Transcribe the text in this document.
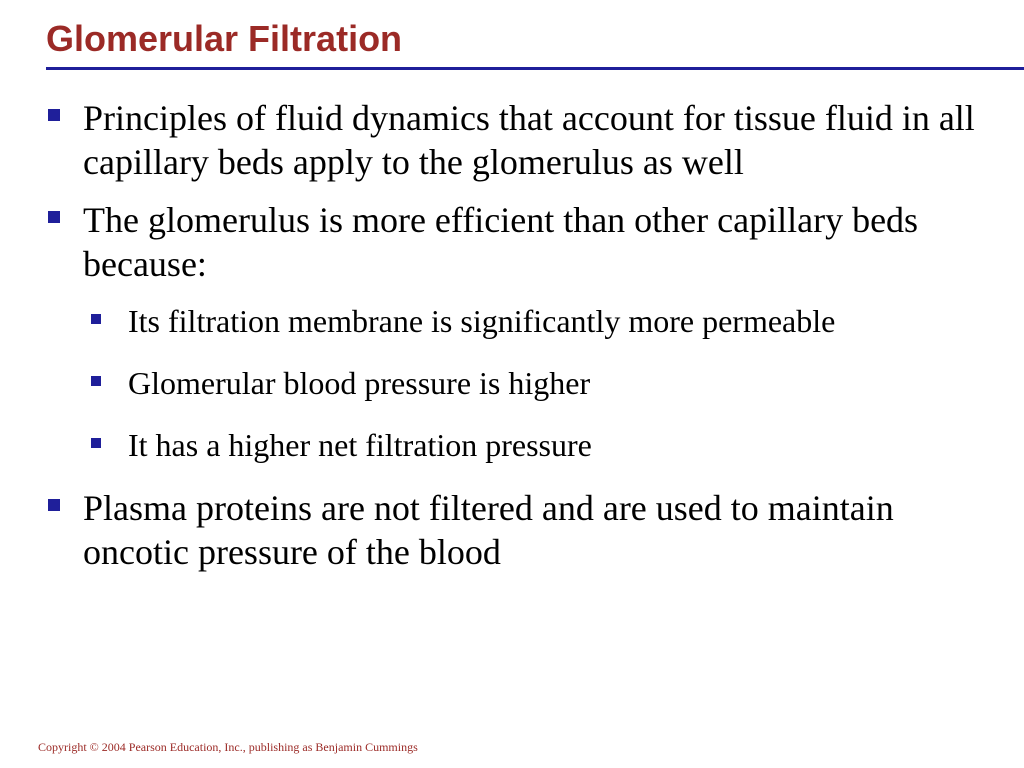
Glomerular Filtration
Principles of fluid dynamics that account for tissue fluid in all capillary beds apply to the glomerulus as well
The glomerulus is more efficient than other capillary beds because:
Its filtration membrane is significantly more permeable
Glomerular blood pressure is higher
It has a higher net filtration pressure
Plasma proteins are not filtered and are used to maintain oncotic pressure of the blood
Copyright © 2004 Pearson Education, Inc., publishing as Benjamin Cummings
